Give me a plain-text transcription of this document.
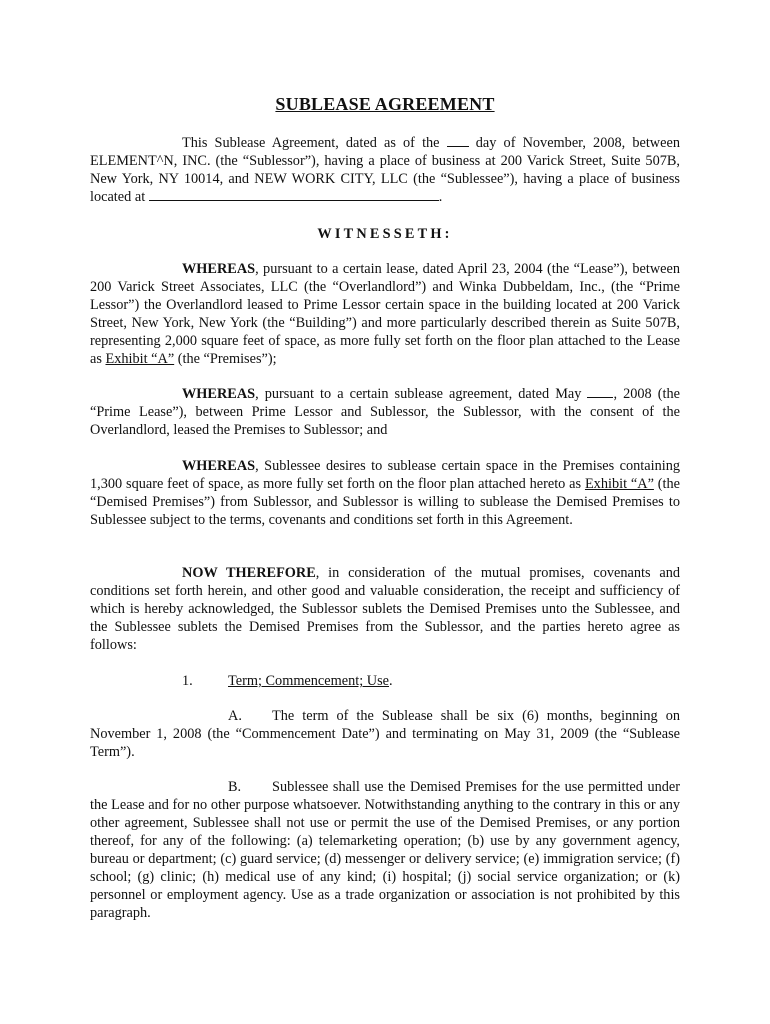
SUBLEASE AGREEMENT
This Sublease Agreement, dated as of the	day of November, 2008, between ELEMENT^N, INC. (the “Sublessor”), having a place of business at 200 Varick Street, Suite 507B, New York, NY 10014, and NEW WORK CITY, LLC (the “Sublessee”), having a place of business located at	.
WITNESSETH:
WHEREAS, pursuant to a certain lease, dated April 23, 2004 (the “Lease”), between 200 Varick Street Associates, LLC (the “Overlandlord”) and Winka Dubbeldam, Inc., (the “Prime Lessor”) the Overlandlord leased to Prime Lessor certain space in the building located at 200 Varick Street, New York, New York (the “Building”) and more particularly described therein as Suite 507B, representing 2,000 square feet of space, as more fully set forth on the floor plan attached to the Lease as Exhibit “A” (the “Premises”);
WHEREAS, pursuant to a certain sublease agreement, dated May , 2008 (the “Prime Lease”), between Prime Lessor and Sublessor, the Sublessor, with the consent of the Overlandlord, leased the Premises to Sublessor; and
WHEREAS, Sublessee desires to sublease certain space in the Premises containing 1,300 square feet of space, as more fully set forth on the floor plan attached hereto as Exhibit “A” (the “Demised Premises”) from Sublessor, and Sublessor is willing to sublease the Demised Premises to Sublessee subject to the terms, covenants and conditions set forth in this Agreement.
NOW THEREFORE, in consideration of the mutual promises, covenants and conditions set forth herein, and other good and valuable consideration, the receipt and sufficiency of which is hereby acknowledged, the Sublessor sublets the Demised Premises unto the Sublessee, and the Sublessee sublets the Demised Premises from the Sublessor, and the parties hereto agree as follows:
1. Term; Commencement; Use.
A. The term of the Sublease shall be six (6) months, beginning on November 1, 2008 (the “Commencement Date”) and terminating on May 31, 2009 (the “Sublease Term”).
B. Sublessee shall use the Demised Premises for the use permitted under the Lease and for no other purpose whatsoever. Notwithstanding anything to the contrary in this or any other agreement, Sublessee shall not use or permit the use of the Demised Premises, or any portion thereof, for any of the following: (a) telemarketing operation; (b) use by any government agency, bureau or department; (c) guard service; (d) messenger or delivery service; (e) immigration service; (f) school; (g) clinic; (h) medical use of any kind; (i) hospital; (j) social service organization; or (k) personnel or employment agency. Use as a trade organization or association is not prohibited by this paragraph.
